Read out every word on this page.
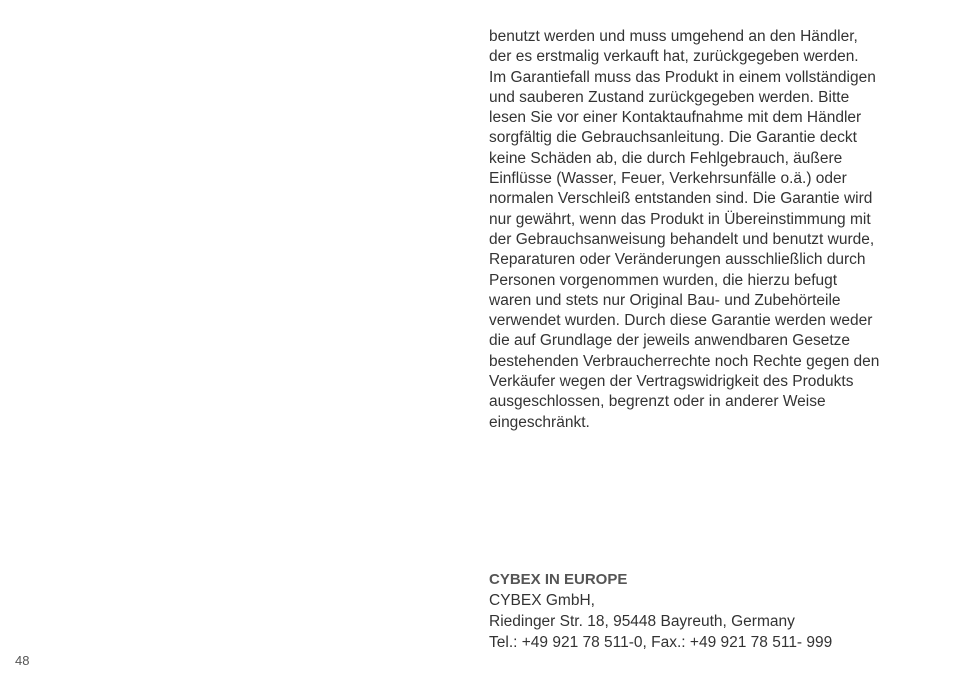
benutzt werden und muss umgehend an den Händler,
der es erstmalig verkauft hat, zurückgegeben werden.
Im Garantiefall muss das Produkt in einem vollständigen
und sauberen Zustand zurückgegeben werden. Bitte
lesen Sie vor einer Kontaktaufnahme mit dem Händler
sorgfältig die Gebrauchsanleitung. Die Garantie deckt
keine Schäden ab, die durch Fehlgebrauch, äußere
Einflüsse (Wasser, Feuer, Verkehrsunfälle o.ä.) oder
normalen Verschleiß entstanden sind. Die Garantie wird
nur gewährt, wenn das Produkt in Übereinstimmung mit
der Gebrauchsanweisung behandelt und benutzt wurde,
Reparaturen oder Veränderungen ausschließlich durch
Personen vorgenommen wurden, die hierzu befugt
waren und stets nur Original Bau- und Zubehörteile
verwendet wurden. Durch diese Garantie werden weder
die auf Grundlage der jeweils anwendbaren Gesetze
bestehenden Verbraucherrechte noch Rechte gegen den
Verkäufer wegen der Vertragswidrigkeit des Produkts
ausgeschlossen, begrenzt oder in anderer Weise
eingeschränkt.

CYBEX IN EUROPE

CYBEX GmbH,

Riedinger Str. 18, 95448 Bayreuth, Germany

Tel.: +49 921 78 511-0, Fax.: +49 921 78 511- 999

48
